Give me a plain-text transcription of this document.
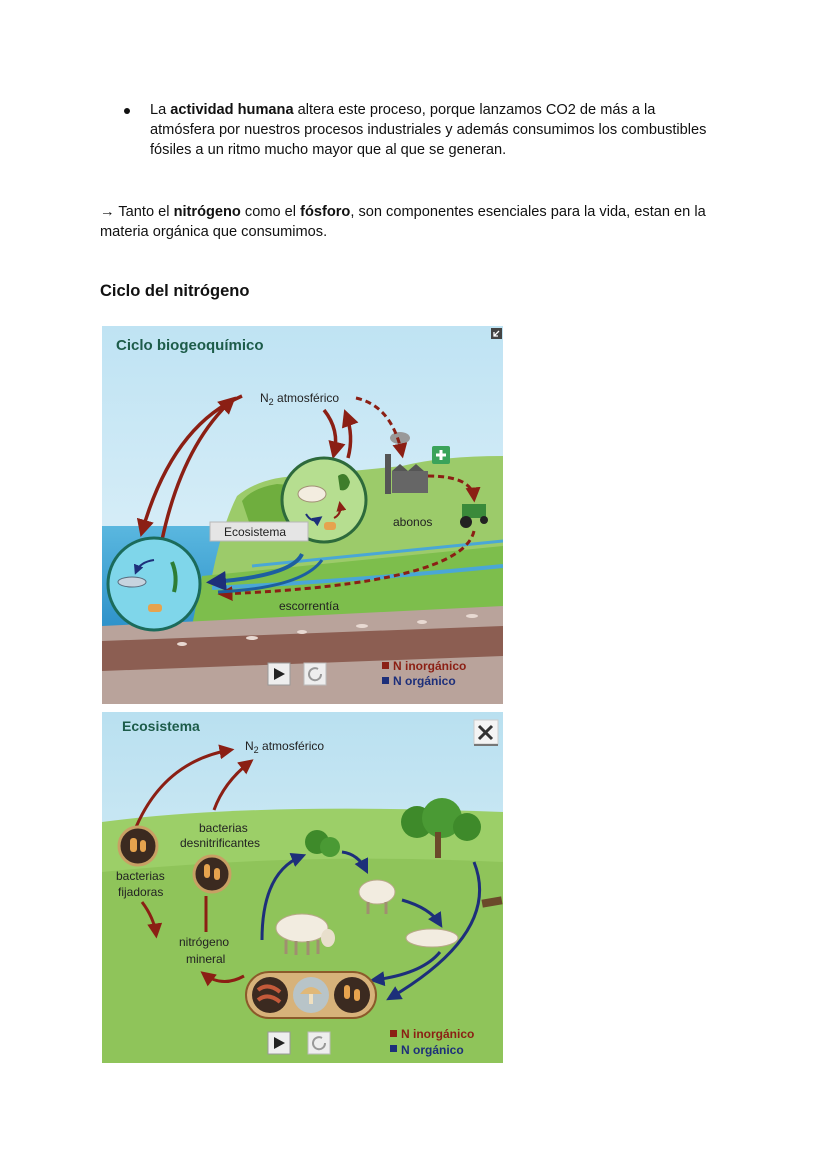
La actividad humana altera este proceso, porque lanzamos CO2 de más a la atmósfera por nuestros procesos industriales y además consumimos los combustibles fósiles a un ritmo mucho mayor que al que se generan.
→ Tanto el nitrógeno como el fósforo, son componentes esenciales para la vida, estan en la materia orgánica que consumimos.
Ciclo del nitrógeno
Ciclo biogeoquímico
$N_2$ atmosférico
Ecosistema
abonos
escorrentía
N inorgánico
N orgánico
Ecosistema
$N_2$ atmosférico
bacterias
desnitrificantes
bacterias
fijadoras
nitrógeno
mineral
N inorgánico
N orgánico
